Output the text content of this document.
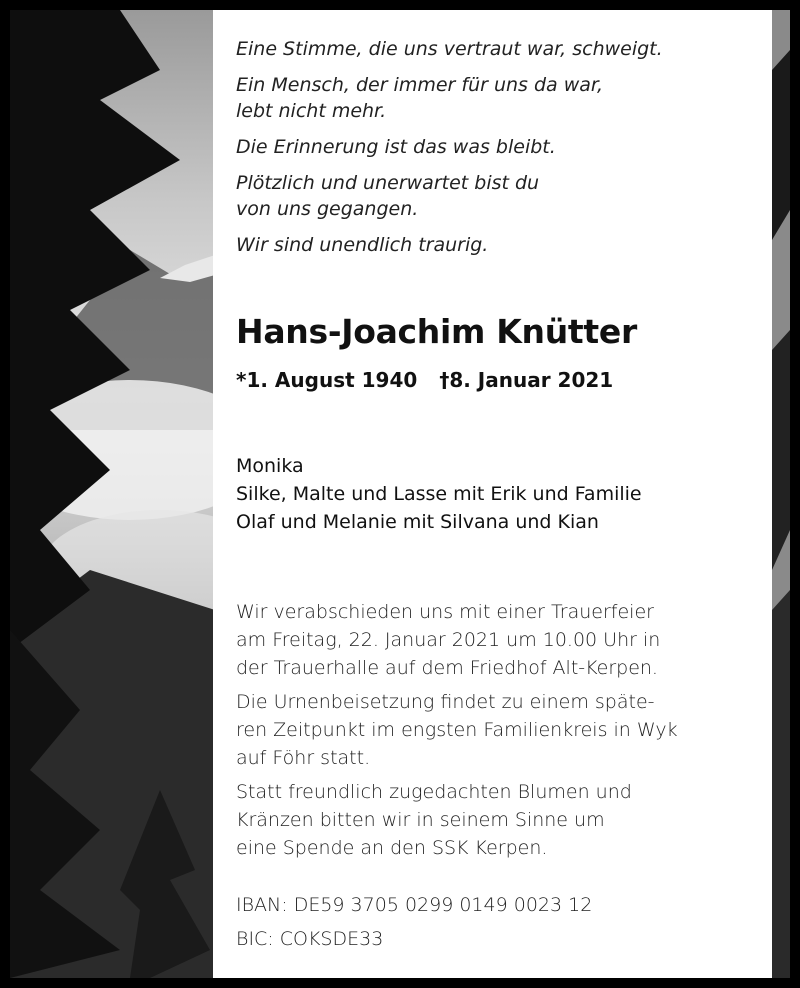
Eine Stimme, die uns vertraut war, schweigt.

Ein Mensch, der immer für uns da war,
lebt nicht mehr.

Die Erinnerung ist das was bleibt.

Plötzlich und unerwartet bist du
von uns gegangen.

Wir sind unendlich traurig.

Hans-Joachim Knütter
*1. August 1940 †8. Januar 2021
Monika
Silke, Malte und Lasse mit Erik und Familie
Olaf und Melanie mit Silvana und Kian

Wir verabschieden uns mit einer Trauerfeier
am Freitag, 22. Januar 2021 um 10.00 Uhr in
der Trauerhalle auf dem Friedhof Alt-Kerpen.

Die Urnenbeisetzung findet zu einem späte-
ren Zeitpunkt im engsten Familienkreis in Wyk
auf Föhr statt.

Statt freundlich zugedachten Blumen und
Kränzen bitten wir in seinem Sinne um
eine Spende an den SSK Kerpen.

IBAN: DE59 3705 0299 0149 0023 12
BIC: COKSDE33
